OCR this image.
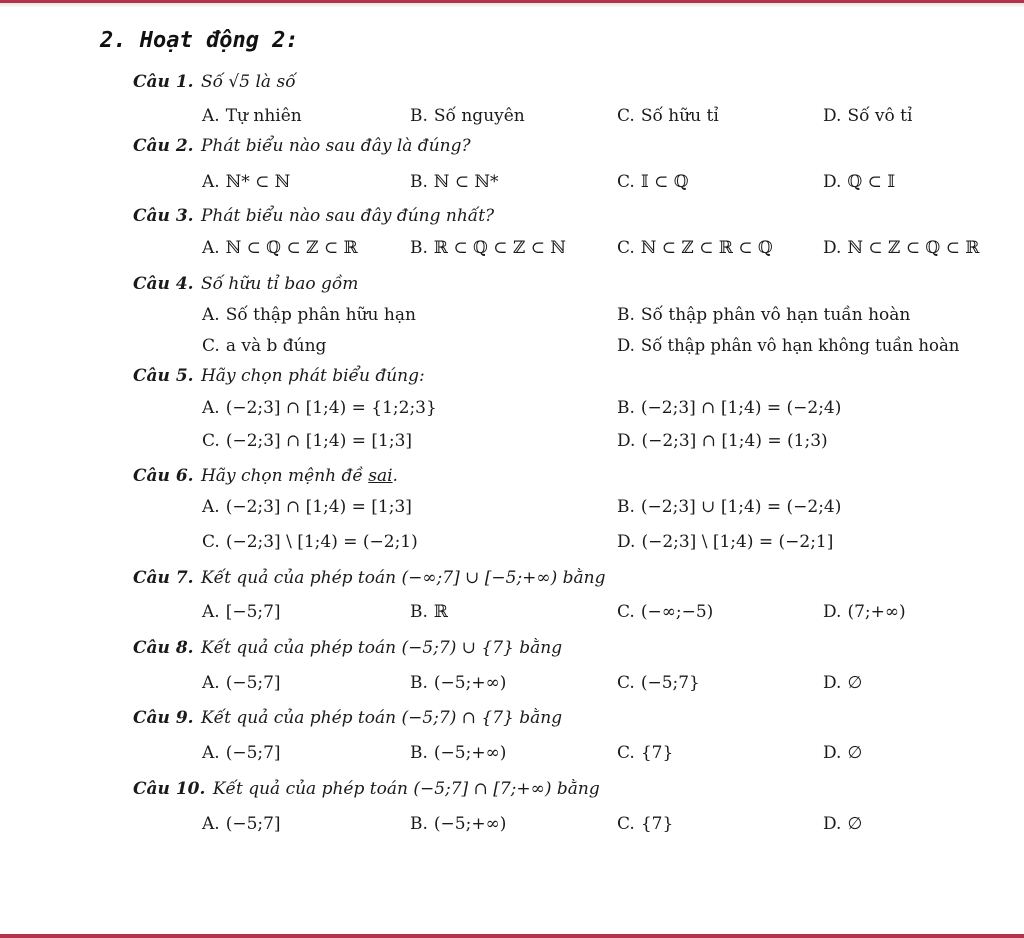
2. Hoạt động 2:
Câu 1. Số √5 là số
A. Tự nhiên	B. Số nguyên	C. Số hữu tỉ	D. Số vô tỉ
Câu 2. Phát biểu nào sau đây là đúng?
A. ℕ* ⊂ ℕ	B. ℕ ⊂ ℕ*	C. 𝕀 ⊂ ℚ	D. ℚ ⊂ 𝕀
Câu 3. Phát biểu nào sau đây đúng nhất?
A. ℕ ⊂ ℚ ⊂ ℤ ⊂ ℝ	B. ℝ ⊂ ℚ ⊂ ℤ ⊂ ℕ	C. ℕ ⊂ ℤ ⊂ ℝ ⊂ ℚ	D. ℕ ⊂ ℤ ⊂ ℚ ⊂ ℝ
Câu 4. Số hữu tỉ bao gồm
A. Số thập phân hữu hạn	B. Số thập phân vô hạn tuần hoàn
C. a và b đúng	D. Số thập phân vô hạn không tuần hoàn
Câu 5. Hãy chọn phát biểu đúng:
A. (−2;3] ∩ [1;4) = {1;2;3}	B. (−2;3] ∩ [1;4) = (−2;4)
C. (−2;3] ∩ [1;4) = [1;3]	D. (−2;3] ∩ [1;4) = (1;3)
Câu 6. Hãy chọn mệnh đề sai.
A. (−2;3] ∩ [1;4) = [1;3]	B. (−2;3] ∪ [1;4) = (−2;4)
C. (−2;3] \ [1;4) = (−2;1)	D. (−2;3] \ [1;4) = (−2;1]
Câu 7. Kết quả của phép toán (−∞;7] ∪ [−5;+∞) bằng
A. [−5;7]	B. ℝ	C. (−∞;−5)	D. (7;+∞)
Câu 8. Kết quả của phép toán (−5;7) ∪ {7} bằng
A. (−5;7]	B. (−5;+∞)	C. (−5;7}	D. ∅
Câu 9. Kết quả của phép toán (−5;7) ∩ {7} bằng
A. (−5;7]	B. (−5;+∞)	C. {7}	D. ∅
Câu 10. Kết quả của phép toán (−5;7] ∩ [7;+∞) bằng
A. (−5;7]	B. (−5;+∞)	C. {7}	D. ∅
